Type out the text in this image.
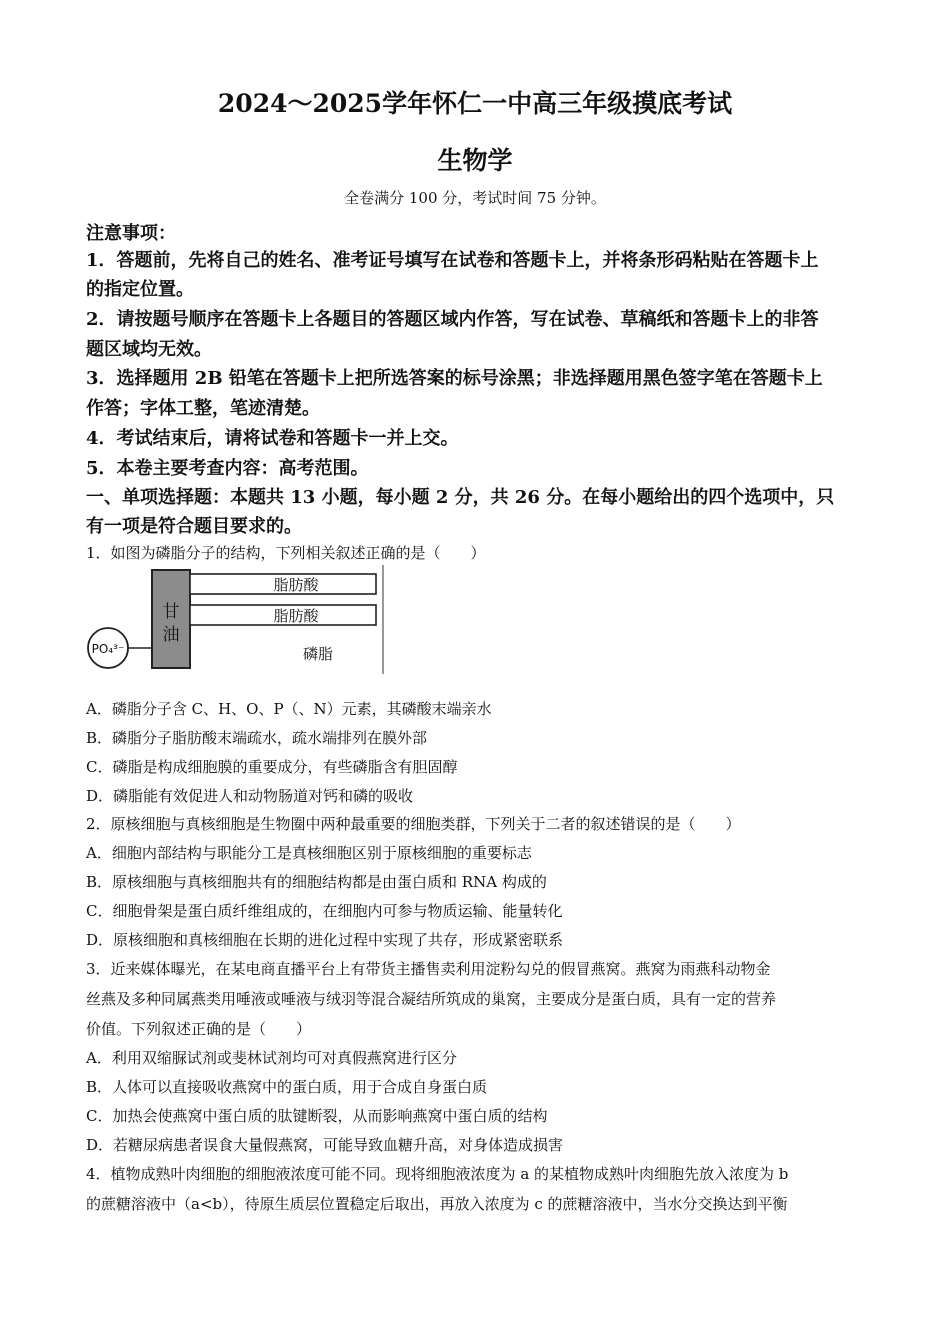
2024～2025学年怀仁一中高三年级摸底考试
生物学
全卷满分 100 分，考试时间 75 分钟。
注意事项：
1．答题前，先将自己的姓名、准考证号填写在试卷和答题卡上，并将条形码粘贴在答题卡上
的指定位置。
2．请按题号顺序在答题卡上各题目的答题区域内作答，写在试卷、草稿纸和答题卡上的非答
题区域均无效。
3．选择题用 2B 铅笔在答题卡上把所选答案的标号涂黑；非选择题用黑色签字笔在答题卡上
作答；字体工整，笔迹清楚。
4．考试结束后，请将试卷和答题卡一并上交。
5．本卷主要考查内容：高考范围。
一、单项选择题：本题共 13 小题，每小题 2 分，共 26 分。在每小题给出的四个选项中，只
有一项是符合题目要求的。
1．如图为磷脂分子的结构，下列相关叙述正确的是（　　）
甘
油
脂肪酸
脂肪酸
PO₄³⁻	磷脂
A．磷脂分子含 C、H、O、P（、N）元素，其磷酸末端亲水
B．磷脂分子脂肪酸末端疏水，疏水端排列在膜外部
C．磷脂是构成细胞膜的重要成分，有些磷脂含有胆固醇
D．磷脂能有效促进人和动物肠道对钙和磷的吸收
2．原核细胞与真核细胞是生物圈中两种最重要的细胞类群，下列关于二者的叙述错误的是（　　）
A．细胞内部结构与职能分工是真核细胞区别于原核细胞的重要标志
B．原核细胞与真核细胞共有的细胞结构都是由蛋白质和 RNA 构成的
C．细胞骨架是蛋白质纤维组成的，在细胞内可参与物质运输、能量转化
D．原核细胞和真核细胞在长期的进化过程中实现了共存，形成紧密联系
3．近来媒体曝光，在某电商直播平台上有带货主播售卖利用淀粉勾兑的假冒燕窝。燕窝为雨燕科动物金
丝燕及多种同属燕类用唾液或唾液与绒羽等混合凝结所筑成的巢窝，主要成分是蛋白质，具有一定的营养
价值。下列叙述正确的是（　　）
A．利用双缩脲试剂或斐林试剂均可对真假燕窝进行区分
B．人体可以直接吸收燕窝中的蛋白质，用于合成自身蛋白质
C．加热会使燕窝中蛋白质的肽键断裂，从而影响燕窝中蛋白质的结构
D．若糖尿病患者误食大量假燕窝，可能导致血糖升高，对身体造成损害
4．植物成熟叶肉细胞的细胞液浓度可能不同。现将细胞液浓度为 a 的某植物成熟叶肉细胞先放入浓度为 b
的蔗糖溶液中（a<b），待原生质层位置稳定后取出，再放入浓度为 c 的蔗糖溶液中，当水分交换达到平衡
